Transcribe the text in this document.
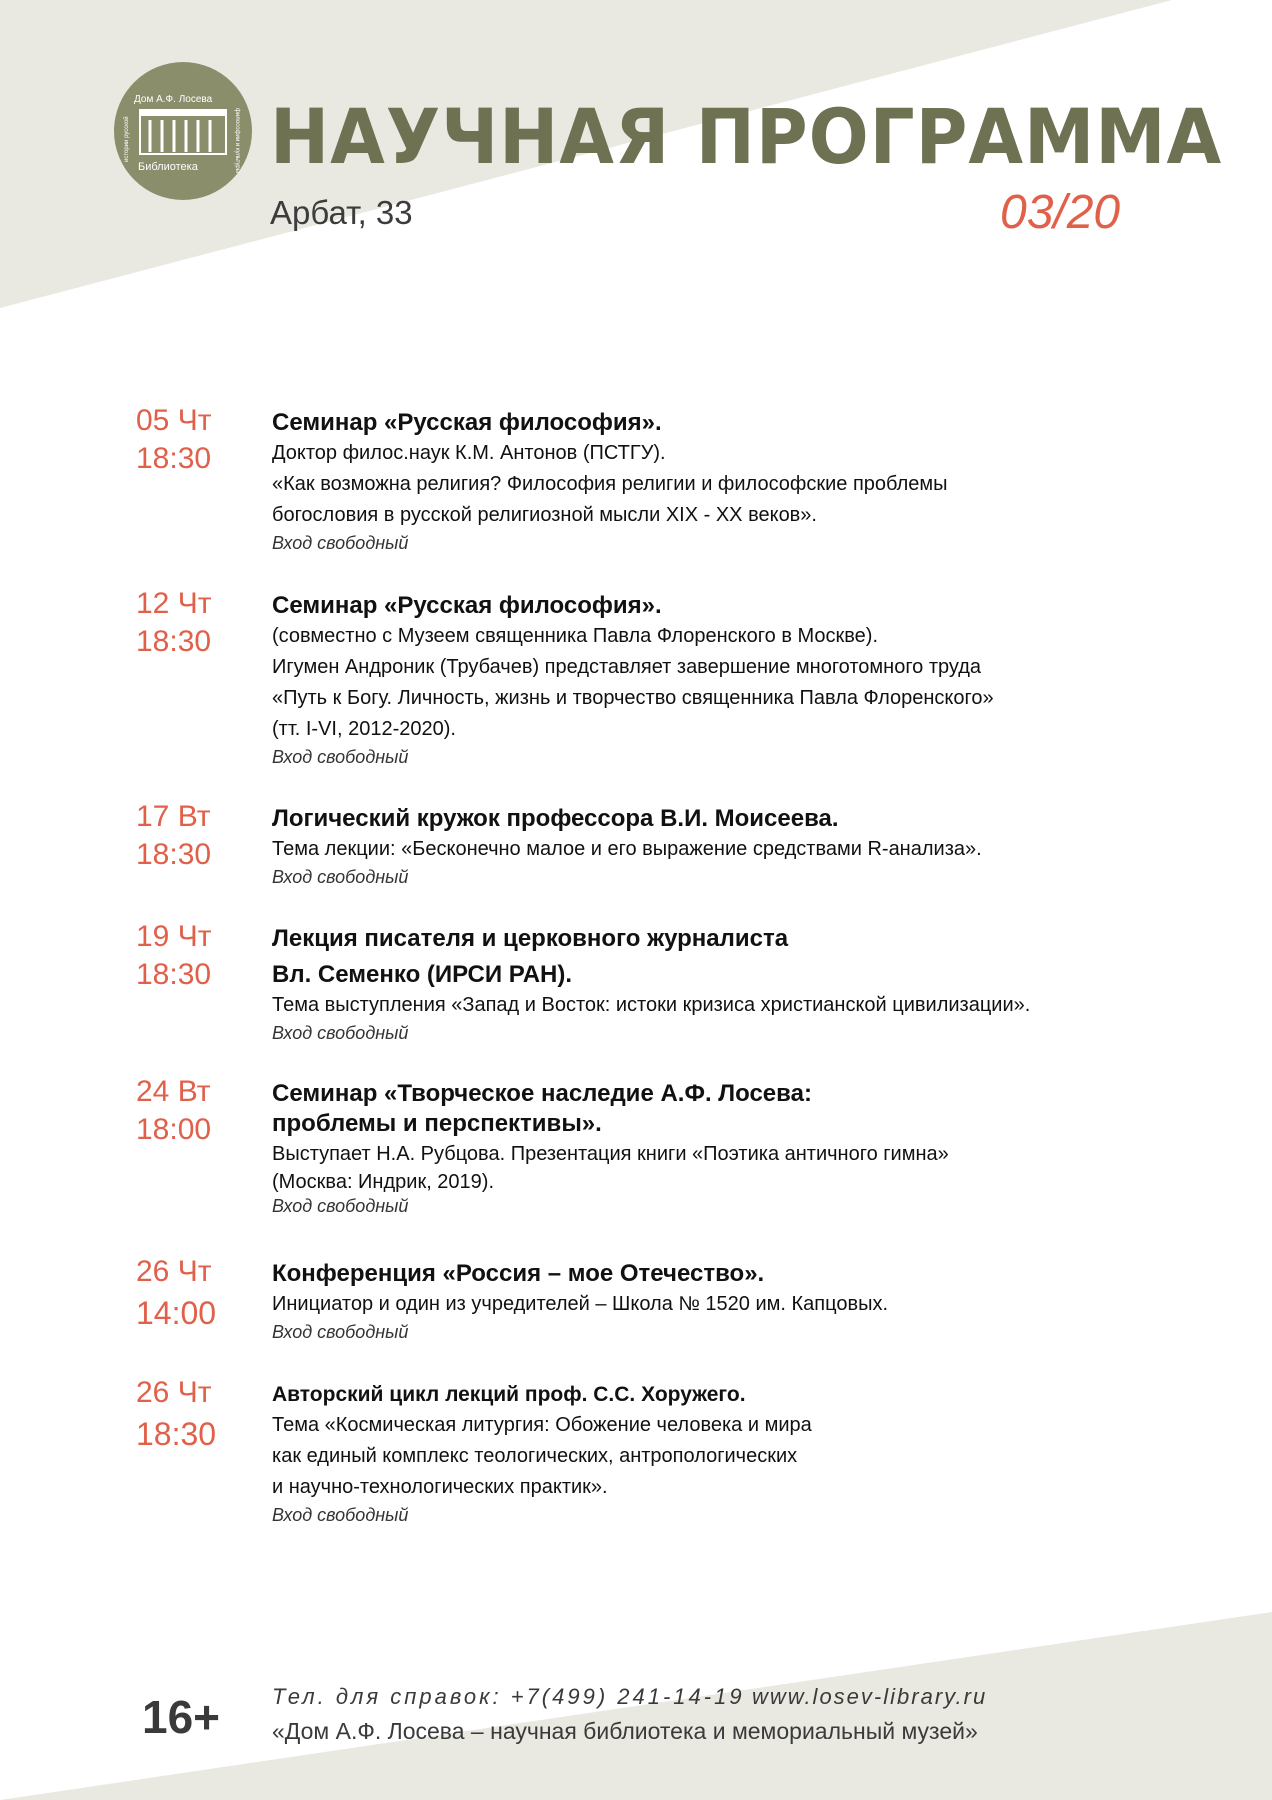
Дом А.Ф. Лосева
истории русской	философии и культуры
Библиотека НАУЧНАЯ ПРОГРАММА
Арбат, 33	03/20
05 Чт
18:30
Семинар «Русская философия».
Доктор филос.наук К.М. Антонов (ПСТГУ).
«Как возможна религия? Философия религии и философские проблемы
богословия в русской религиозной мысли XIX - XX веков».
Вход свободный
12 Чт
18:30
Семинар «Русская философия».
(совместно с Музеем священника Павла Флоренского в Москве).
Игумен Андроник (Трубачев) представляет завершение многотомного труда
«Путь к Богу. Личность, жизнь и творчество священника Павла Флоренского»
(тт. I-VI, 2012-2020).
Вход свободный
17 Вт
18:30
Логический кружок профессора В.И. Моисеева.
Тема лекции: «Бесконечно малое и его выражение средствами R-анализа».
Вход свободный
19 Чт
18:30
Лекция писателя и церковного журналиста
Вл. Семенко (ИРСИ РАН).
Тема выступления «Запад и Восток: истоки кризиса христианской цивилизации».
Вход свободный
24 Вт
18:00
Семинар «Творческое наследие А.Ф. Лосева:
проблемы и перспективы».
Выступает Н.А. Рубцова. Презентация книги «Поэтика античного гимна»
(Москва: Индрик, 2019).
Вход свободный
26 Чт
14:00
Конференция «Россия – мое Отечество».
Инициатор и один из учредителей – Школа № 1520 им. Капцовых.
Вход свободный
26 Чт
18:30
Авторский цикл лекций проф. С.С. Хоружего.
Тема «Космическая литургия: Обожение человека и мира
как единый комплекс теологических, антропологических
и научно-технологических практик».
Вход свободный
16+ Тел. для справок: +7(499) 241-14-19 www.losev-library.ru
«Дом А.Ф. Лосева – научная библиотека и мемориальный музей»
